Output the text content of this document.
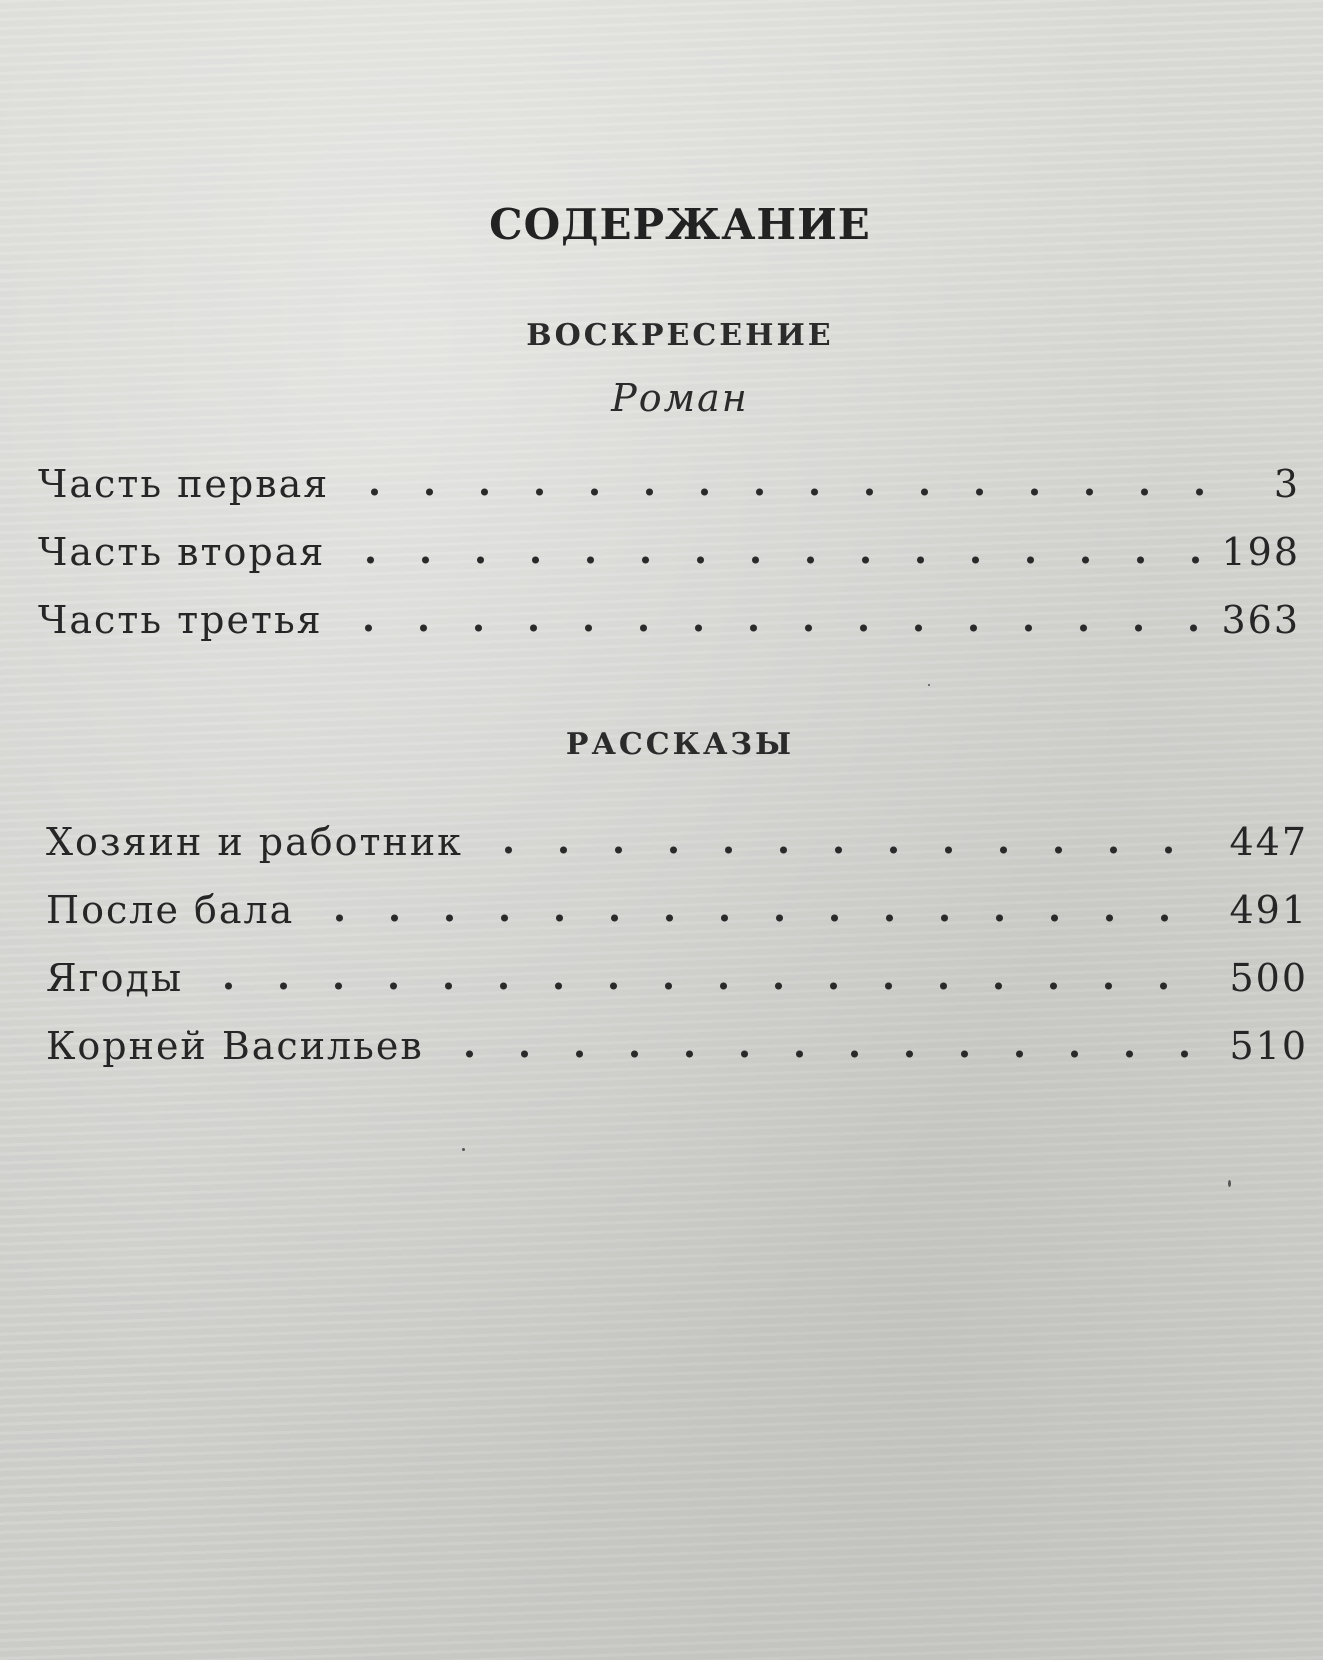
СОДЕРЖАНИЕ
ВОСКРЕСЕНИЕ
Роман
Часть первая	3
Часть вторая	198
Часть третья	363
РАССКАЗЫ
Хозяин и работник	447
После бала	491
Ягоды	500
Корней Васильев	510
